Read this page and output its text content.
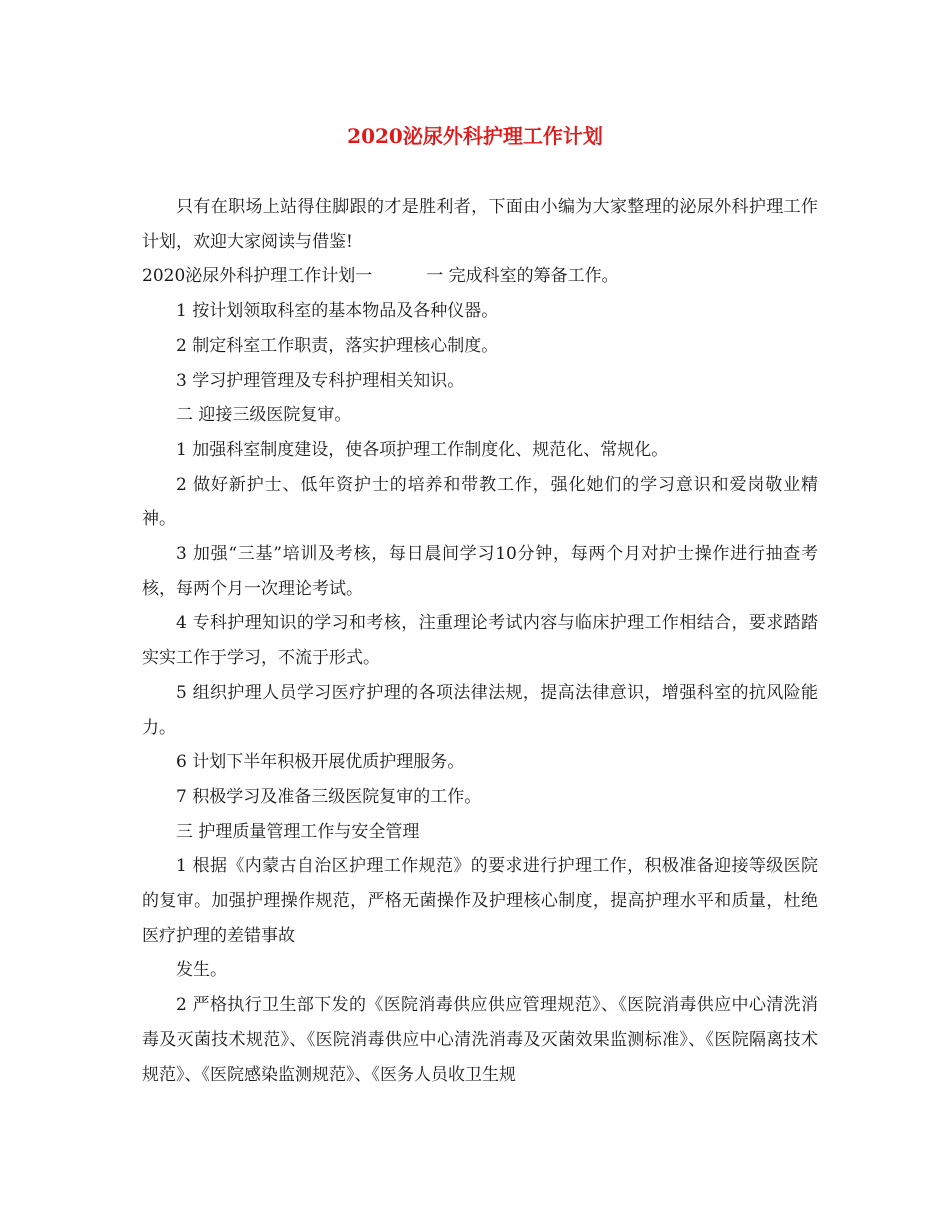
2020泌尿外科护理工作计划

只有在职场上站得住脚跟的才是胜利者，下面由小编为大家整理的泌尿外科护理工作计划，欢迎大家阅读与借鉴!

2020泌尿外科护理工作计划一	一 完成科室的筹备工作。

1 按计划领取科室的基本物品及各种仪器。

2 制定科室工作职责，落实护理核心制度。

3 学习护理管理及专科护理相关知识。

二 迎接三级医院复审。

1 加强科室制度建设，使各项护理工作制度化、规范化、常规化。

2 做好新护士、低年资护士的培养和带教工作，强化她们的学习意识和爱岗敬业精神。

3 加强“三基”培训及考核，每日晨间学习10分钟，每两个月对护士操作进行抽查考核，每两个月一次理论考试。

4 专科护理知识的学习和考核，注重理论考试内容与临床护理工作相结合，要求踏踏实实工作于学习，不流于形式。

5 组织护理人员学习医疗护理的各项法律法规，提高法律意识，增强科室的抗风险能力。

6 计划下半年积极开展优质护理服务。

7 积极学习及准备三级医院复审的工作。

三 护理质量管理工作与安全管理

1 根据《内蒙古自治区护理工作规范》的要求进行护理工作，积极准备迎接等级医院的复审。加强护理操作规范，严格无菌操作及护理核心制度，提高护理水平和质量，杜绝医疗护理的差错事故

发生。

2 严格执行卫生部下发的《医院消毒供应供应管理规范》、《医院消毒供应中心清洗消毒及灭菌技术规范》、《医院消毒供应中心清洗消毒及灭菌效果监测标准》、《医院隔离技术规范》、《医院感染监测规范》、《医务人员收卫生规
